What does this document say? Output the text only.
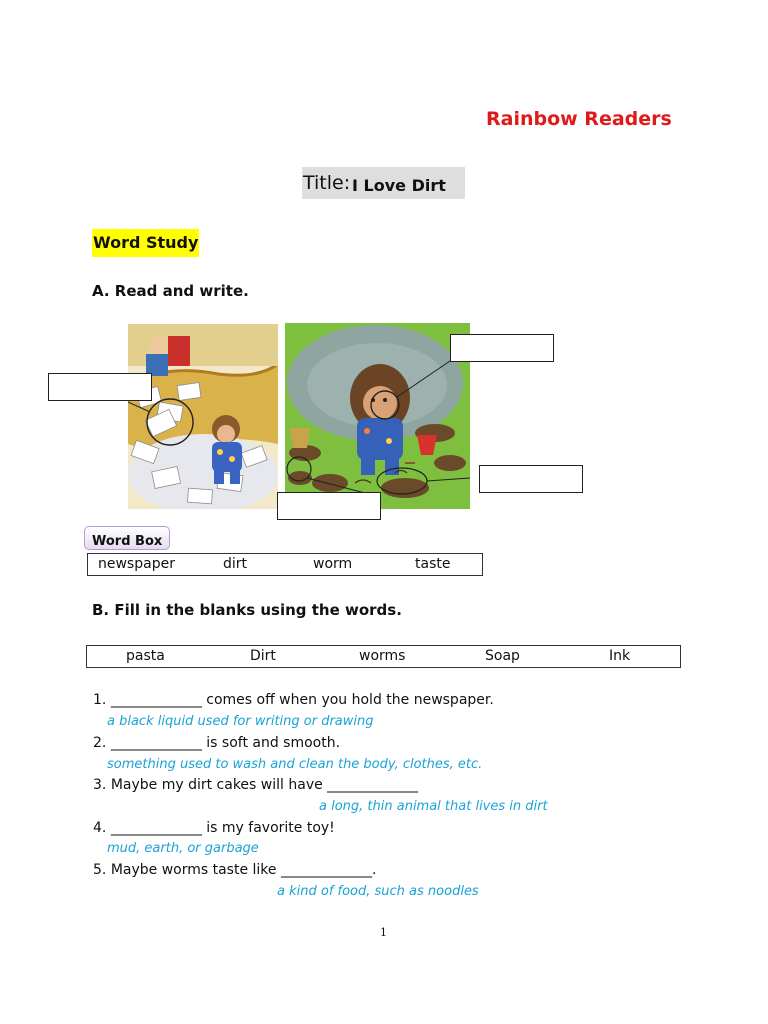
Rainbow Readers
Title: I Love Dirt
Word Study
A. Read and write.
Word Box
newspaper	dirt	worm	taste
B. Fill in the blanks using the words.
pasta	Dirt	worms	Soap	Ink
1. _____________ comes off when you hold the newspaper.
a black liquid used for writing or drawing
2. _____________ is soft and smooth.
something used to wash and clean the body, clothes, etc.
3. Maybe my dirt cakes will have _____________
a long, thin animal that lives in dirt
4. _____________ is my favorite toy!
mud, earth, or garbage
5. Maybe worms taste like _____________.
a kind of food, such as noodles
1
